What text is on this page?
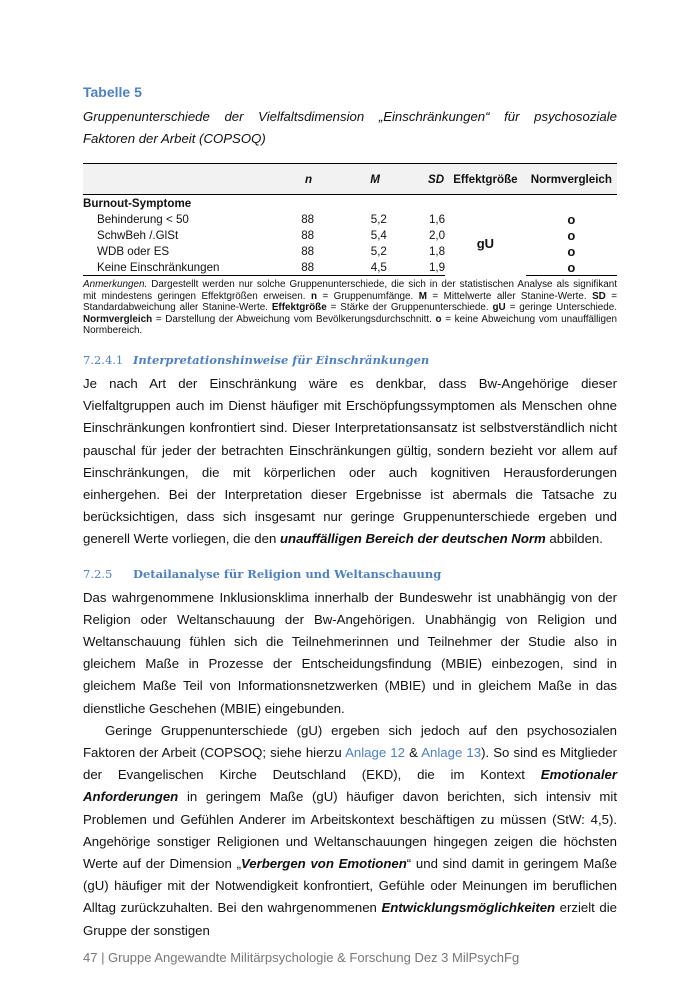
Tabelle 5

Gruppenunterschiede der Vielfaltsdimension „Einschränkungen“ für psychosoziale Faktoren der Arbeit (COPSOQ)

	n	M	SD	Effektgröße	Normvergleich
Burnout-Symptome					
Behinderung < 50	88	5,2	1,6	gU	o
SchwBeh /.GlSt	88	5,4	2,0		o
WDB oder ES	88	5,2	1,8		o
Keine Einschränkungen	88	4,5	1,9		o
Anmerkungen. Dargestellt werden nur solche Gruppenunterschiede, die sich in der statistischen Analyse als signifikant mit mindestens geringen Effektgrößen erweisen. n = Gruppenumfänge. M = Mittelwerte aller Stanine-Werte. SD = Standardabweichung aller Stanine-Werte. Effektgröße = Stärke der Gruppenunterschiede. gU = geringe Unterschiede. Normvergleich = Darstellung der Abweichung vom Bevölkerungsdurchschnitt. o = keine Abweichung vom unauffälligen Normbereich.
7.2.4.1 Interpretationshinweise für Einschränkungen

Je nach Art der Einschränkung wäre es denkbar, dass Bw-Angehörige dieser Vielfaltgruppen auch im Dienst häufiger mit Erschöpfungssymptomen als Menschen ohne Einschränkungen konfrontiert sind. Dieser Interpretationsansatz ist selbstverständlich nicht pauschal für jeder der betrachten Einschränkungen gültig, sondern bezieht vor allem auf Einschränkungen, die mit körperlichen oder auch kognitiven Herausforderungen einhergehen. Bei der Interpretation dieser Ergebnisse ist abermals die Tatsache zu berücksichtigen, dass sich insgesamt nur geringe Gruppenunterschiede ergeben und generell Werte vorliegen, die den unauffälligen Bereich der deutschen Norm abbilden.

7.2.5 Detailanalyse für Religion und Weltanschauung

Das wahrgenommene Inklusionsklima innerhalb der Bundeswehr ist unabhängig von der Religion oder Weltanschauung der Bw-Angehörigen. Unabhängig von Religion und Weltanschauung fühlen sich die Teilnehmerinnen und Teilnehmer der Studie also in gleichem Maße in Prozesse der Entscheidungsfindung (MBIE) einbezogen, sind in gleichem Maße Teil von Informationsnetzwerken (MBIE) und in gleichem Maße in das dienstliche Geschehen (MBIE) eingebunden.

Geringe Gruppenunterschiede (gU) ergeben sich jedoch auf den psychosozialen Faktoren der Arbeit (COPSOQ; siehe hierzu Anlage 12 & Anlage 13). So sind es Mitglieder der Evangelischen Kirche Deutschland (EKD), die im Kontext Emotionaler Anforderungen in geringem Maße (gU) häufiger davon berichten, sich intensiv mit Problemen und Gefühlen Anderer im Arbeitskontext beschäftigen zu müssen (StW: 4,5). Angehörige sonstiger Religionen und Weltanschauungen hingegen zeigen die höchsten Werte auf der Dimension „Verbergen von Emotionen“ und sind damit in geringem Maße (gU) häufiger mit der Notwendigkeit konfrontiert, Gefühle oder Meinungen im beruflichen Alltag zurückzuhalten. Bei den wahrgenommenen Entwicklungsmöglichkeiten erzielt die Gruppe der sonstigen

47 | Gruppe Angewandte Militärpsychologie & Forschung Dez 3 MilPsychFg
